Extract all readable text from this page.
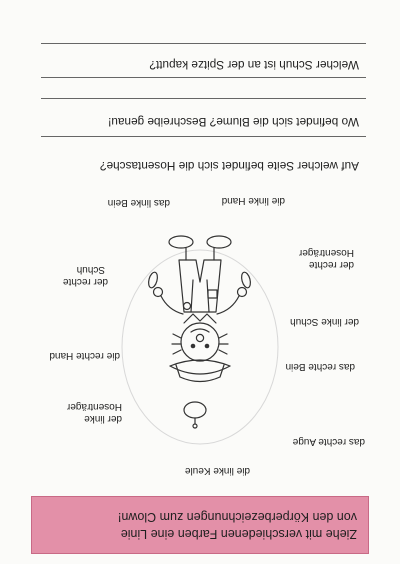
Ziehe mit verschiedenen Farben eine Linie
von den Körperbezeichnungen zum Clown!
die linke Keule
das rechte Auge
der linke
Hosenträger
das rechte Bein
die rechte Hand
der linke Schuh
der rechte
Schuh	der rechte
Hosenträger
das linke Bein	die linke Hand
Auf welcher Seite befindet sich die Hosentasche?
Wo befindet sich die Blume? Beschreibe genau!
Welcher Schuh ist an der Spitze kaputt?
